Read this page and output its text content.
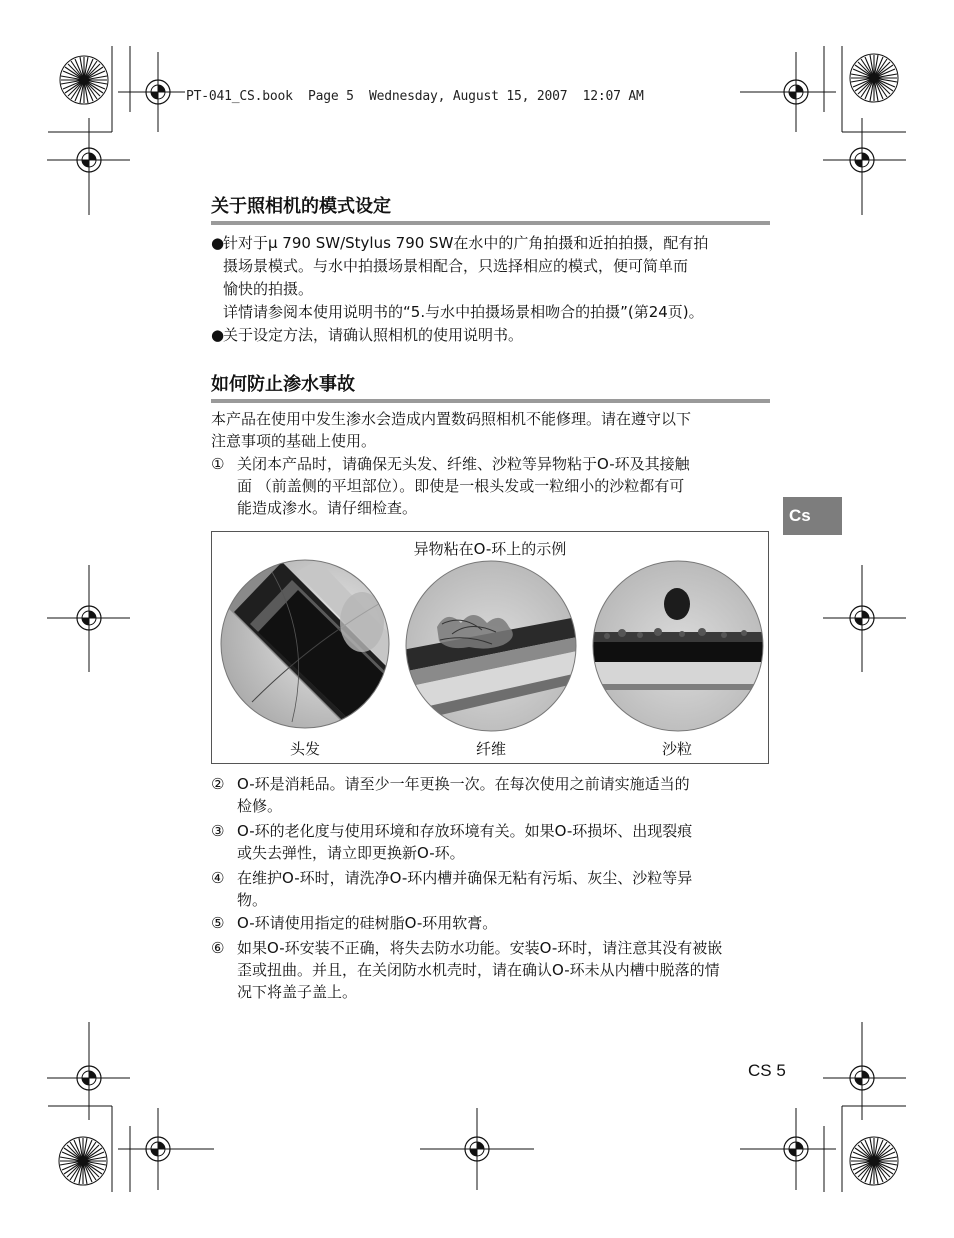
PT-041_CS.book  Page 5  Wednesday, August 15, 2007  12:07 AM
关于照相机的模式设定
●
针对于μ 790 SW/Stylus 790 SW在水中的广角拍摄和近拍拍摄，配有拍
摄场景模式。与水中拍摄场景相配合，只选择相应的模式，便可简单而
愉快的拍摄。
详情请参阅本使用说明书的“5.与水中拍摄场景相吻合的拍摄”(第24页)。
●
关于设定方法，请确认照相机的使用说明书。
如何防止渗水事故
本产品在使用中发生渗水会造成内置数码照相机不能修理。请在遵守以下
注意事项的基础上使用。
① 关闭本产品时，请确保无头发、纤维、沙粒等异物粘于O-环及其接触
面 （前盖侧的平坦部位）。即使是一根头发或一粒细小的沙粒都有可
能造成渗水。请仔细检查。
异物粘在O-环上的示例
头发	纤维	沙粒
② O-环是消耗品。请至少一年更换一次。在每次使用之前请实施适当的
检修。
③ O-环的老化度与使用环境和存放环境有关。如果O-环损坏、出现裂痕
或失去弹性，请立即更换新O-环。
④ 在维护O-环时，请洗净O-环内槽并确保无粘有污垢、灰尘、沙粒等异
物。
⑤ O-环请使用指定的硅树脂O-环用软膏。
⑥ 如果O-环安装不正确，将失去防水功能。安装O-环时，请注意其没有被嵌
歪或扭曲。并且，在关闭防水机壳时，请在确认O-环未从内槽中脱落的情
况下将盖子盖上。
Cs
CS 5
